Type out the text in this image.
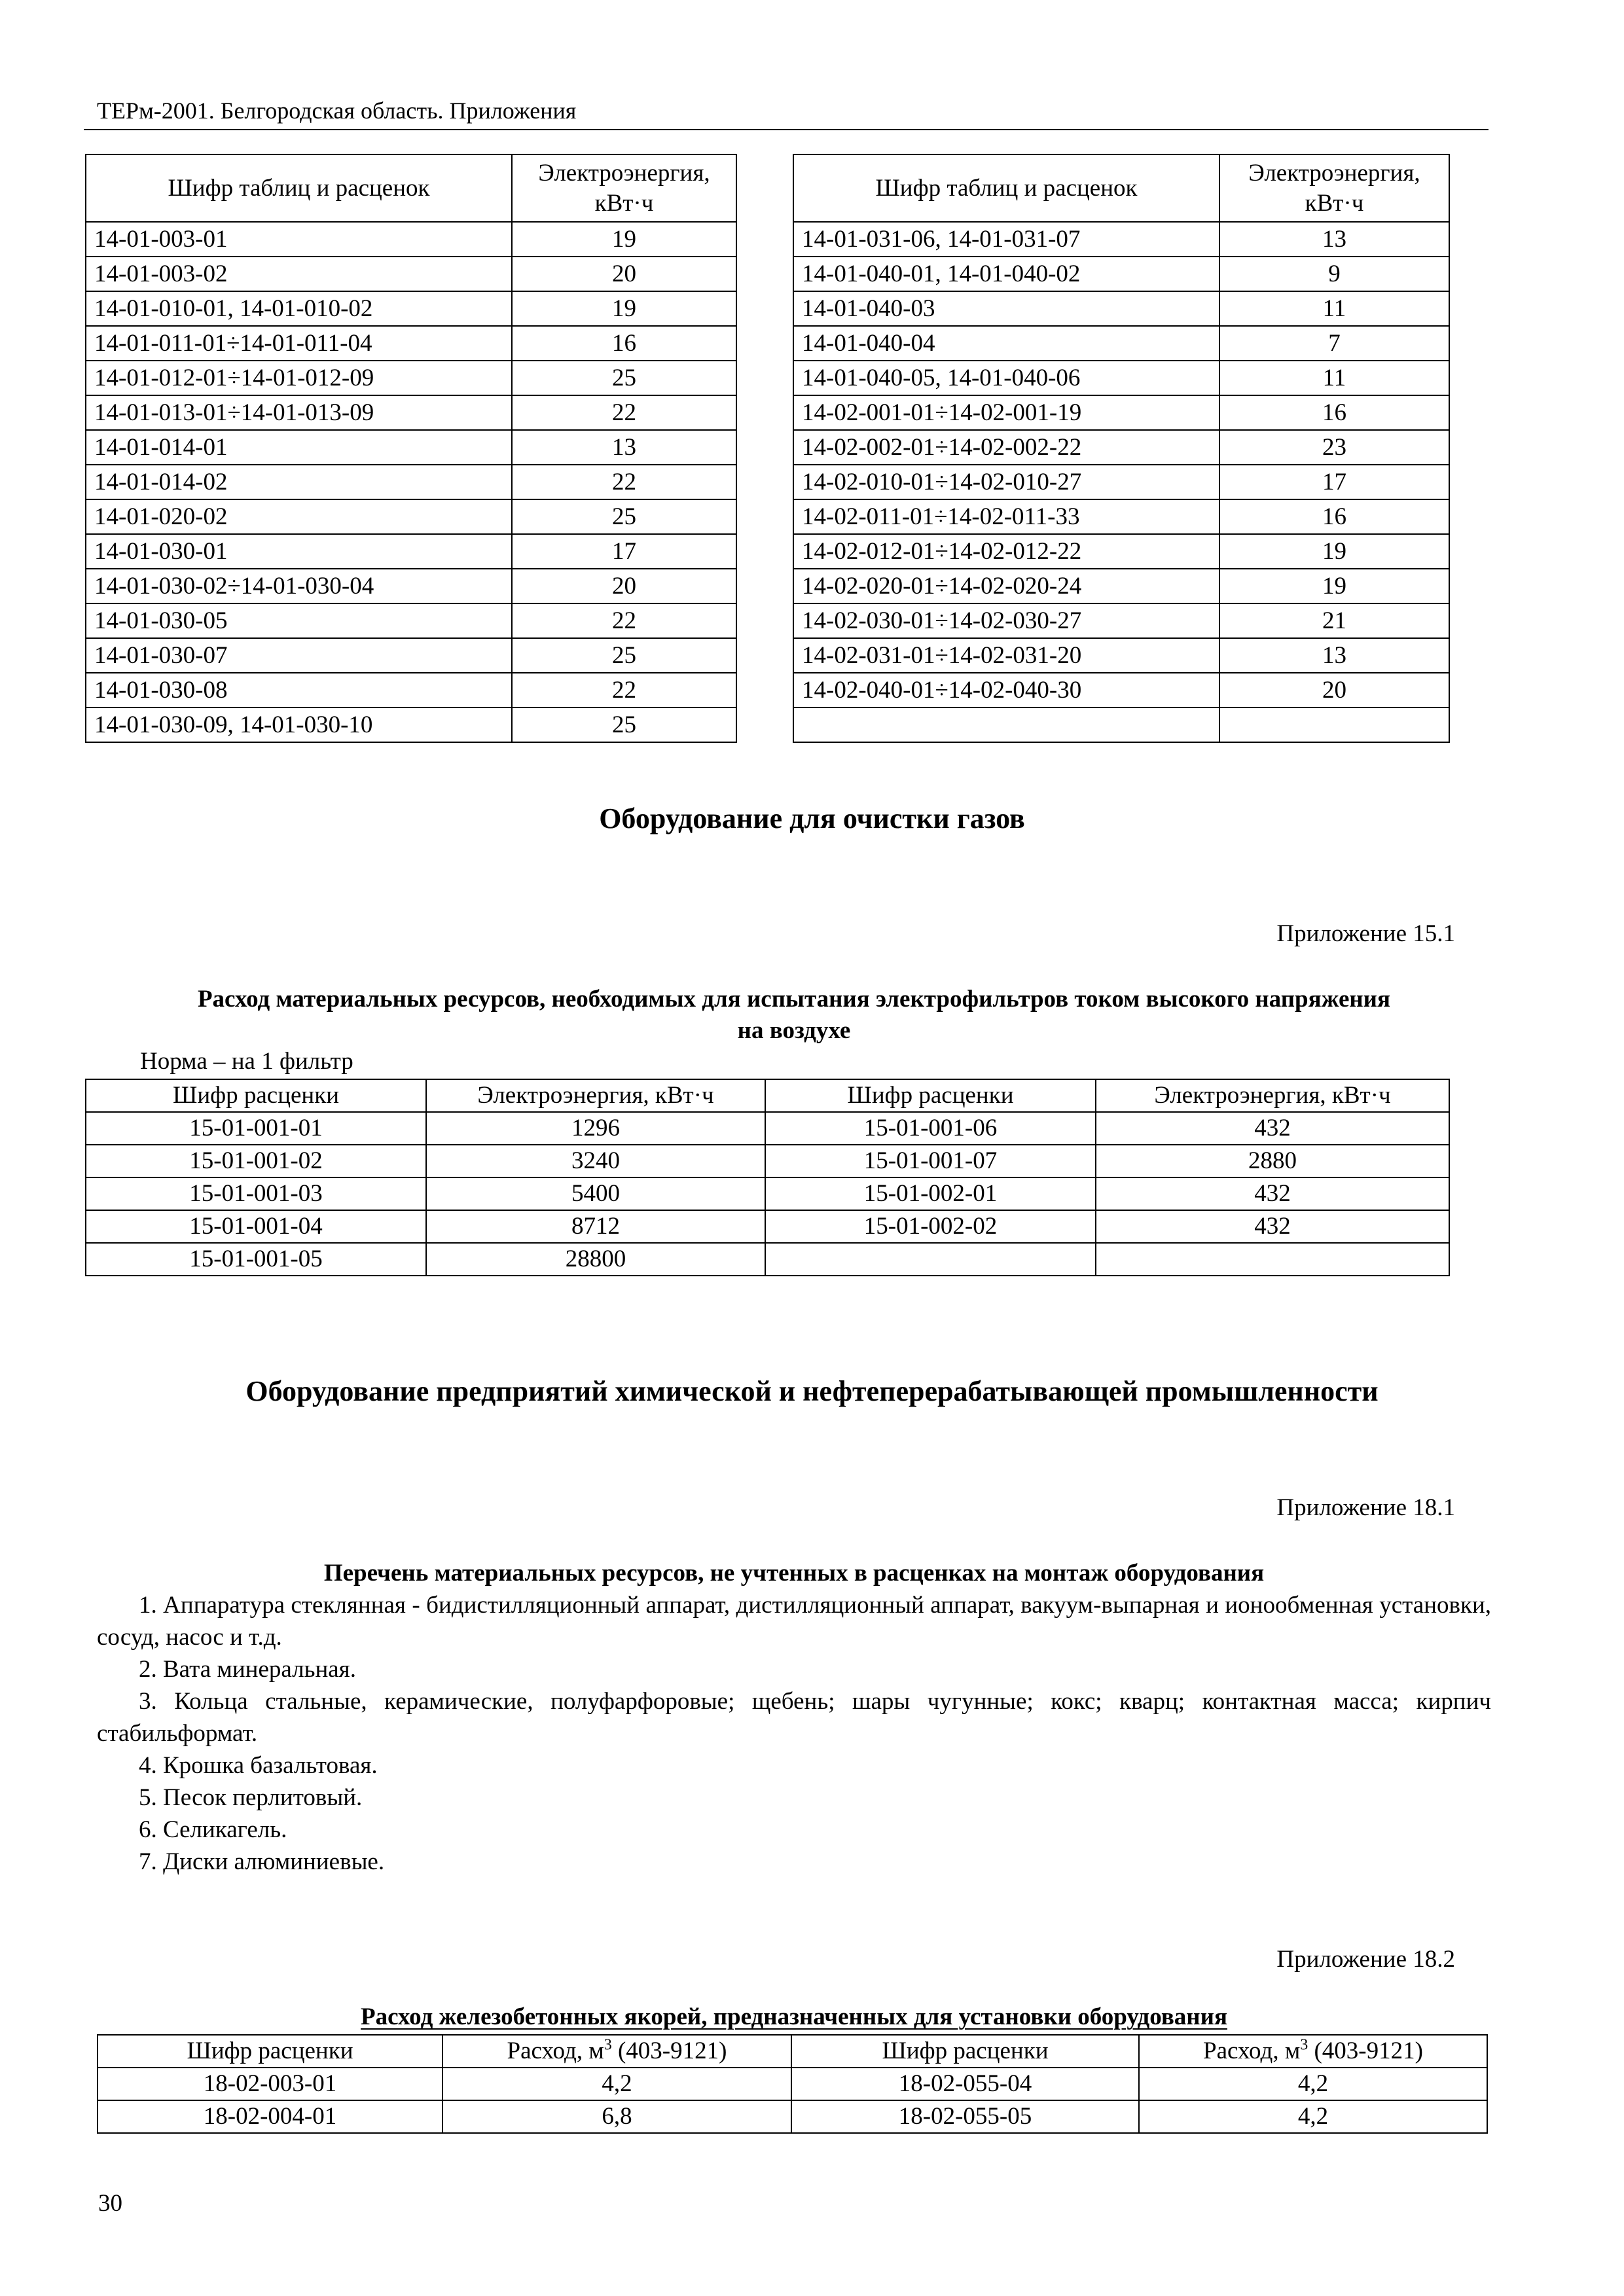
ТЕРм-2001. Белгородская область. Приложения
Шифр таблиц и расценок	Электроэнергия,
кВт·ч
14-01-003-01	19
14-01-003-02	20
14-01-010-01, 14-01-010-02	19
14-01-011-01÷14-01-011-04	16
14-01-012-01÷14-01-012-09	25
14-01-013-01÷14-01-013-09	22
14-01-014-01	13
14-01-014-02	22
14-01-020-02	25
14-01-030-01	17
14-01-030-02÷14-01-030-04	20
14-01-030-05	22
14-01-030-07	25
14-01-030-08	22
14-01-030-09, 14-01-030-10	25
Шифр таблиц и расценок	Электроэнергия,
кВт·ч
14-01-031-06, 14-01-031-07	13
14-01-040-01, 14-01-040-02	9
14-01-040-03	11
14-01-040-04	7
14-01-040-05, 14-01-040-06	11
14-02-001-01÷14-02-001-19	16
14-02-002-01÷14-02-002-22	23
14-02-010-01÷14-02-010-27	17
14-02-011-01÷14-02-011-33	16
14-02-012-01÷14-02-012-22	19
14-02-020-01÷14-02-020-24	19
14-02-030-01÷14-02-030-27	21
14-02-031-01÷14-02-031-20	13
14-02-040-01÷14-02-040-30	20

Оборудование для очистки газов
Приложение 15.1
Расход материальных ресурсов, необходимых для испытания электрофильтров током высокого напряжения
на воздухе
Норма – на 1 фильтр
Шифр расценки	Электроэнергия, кВт·ч	Шифр расценки	Электроэнергия, кВт·ч
15-01-001-01	1296	15-01-001-06	432
15-01-001-02	3240	15-01-001-07	2880
15-01-001-03	5400	15-01-002-01	432
15-01-001-04	8712	15-01-002-02	432
15-01-001-05	28800		
Оборудование предприятий химической и нефтеперерабатывающей промышленности
Приложение 18.1
Перечень материальных ресурсов, не учтенных в расценках на монтаж оборудования

1. Аппаратура стеклянная - бидистилляционный аппарат, дистилляционный аппарат, вакуум-выпарная и ионообменная установки, сосуд, насос и т.д.

2. Вата минеральная.

3. Кольца стальные, керамические, полуфарфоровые; щебень; шары чугунные; кокс; кварц; контактная масса; кирпич стабильформат.

4. Крошка базальтовая.

5. Песок перлитовый.

6. Селикагель.

7. Диски алюминиевые.

Приложение 18.2
Расход железобетонных якорей, предназначенных для установки оборудования
Шифр расценки	Расход, $м^3$ (403-9121)	Шифр расценки	Расход, $м^3$ (403-9121)
18-02-003-01	4,2	18-02-055-04	4,2
18-02-004-01	6,8	18-02-055-05	4,2
30
